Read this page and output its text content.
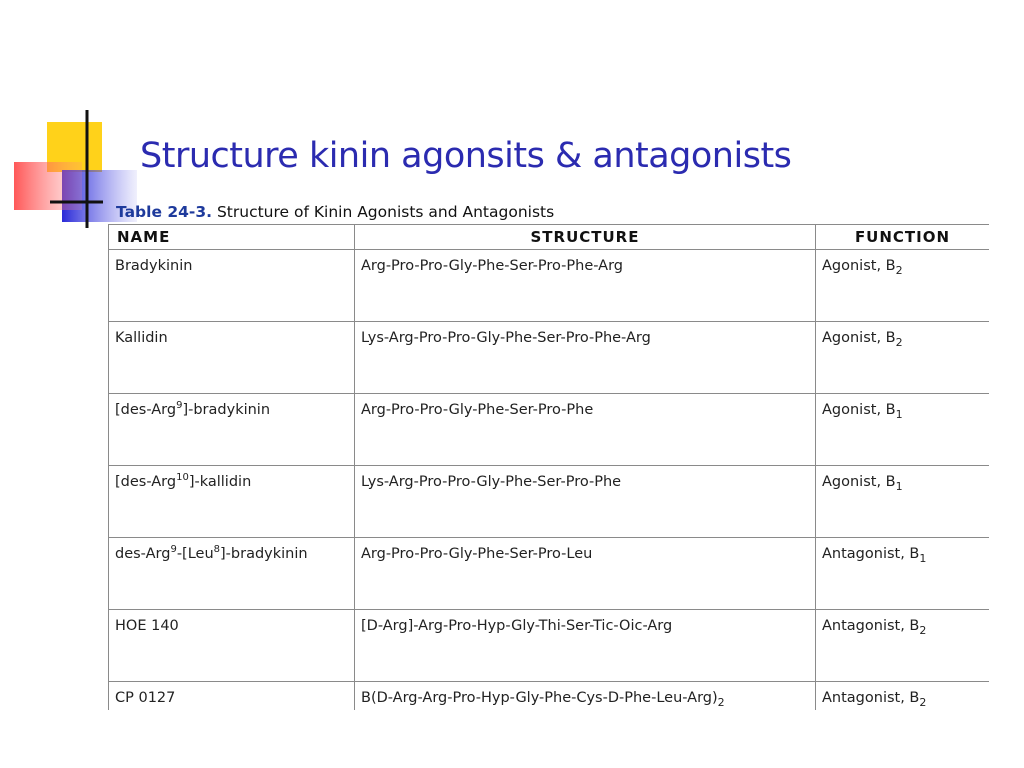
Structure kinin agonsits & antagonists
Table 24-3. Structure of Kinin Agonists and Antagonists
NAME	STRUCTURE	FUNCTION
Bradykinin	Arg-Pro-Pro-Gly-Phe-Ser-Pro-Phe-Arg	Agonist, $B_2$
Kallidin	Lys-Arg-Pro-Pro-Gly-Phe-Ser-Pro-Phe-Arg	Agonist, $B_2$
[des-Arg$^9$]-bradykinin	Arg-Pro-Pro-Gly-Phe-Ser-Pro-Phe	Agonist, $B_1$
[des-Arg$^{10}$]-kallidin	Lys-Arg-Pro-Pro-Gly-Phe-Ser-Pro-Phe	Agonist, $B_1$
des-Arg$^9$-[Leu$^8$]-bradykinin	Arg-Pro-Pro-Gly-Phe-Ser-Pro-Leu	Antagonist, $B_1$
HOE 140	[D-Arg]-Arg-Pro-Hyp-Gly-Thi-Ser-Tic-Oic-Arg	Antagonist, $B_2$
CP 0127	$B(D-Arg-Arg-Pro-Hyp-Gly-Phe-Cys-D-Phe-Leu-Arg)_2$	Antagonist, $B_2$
